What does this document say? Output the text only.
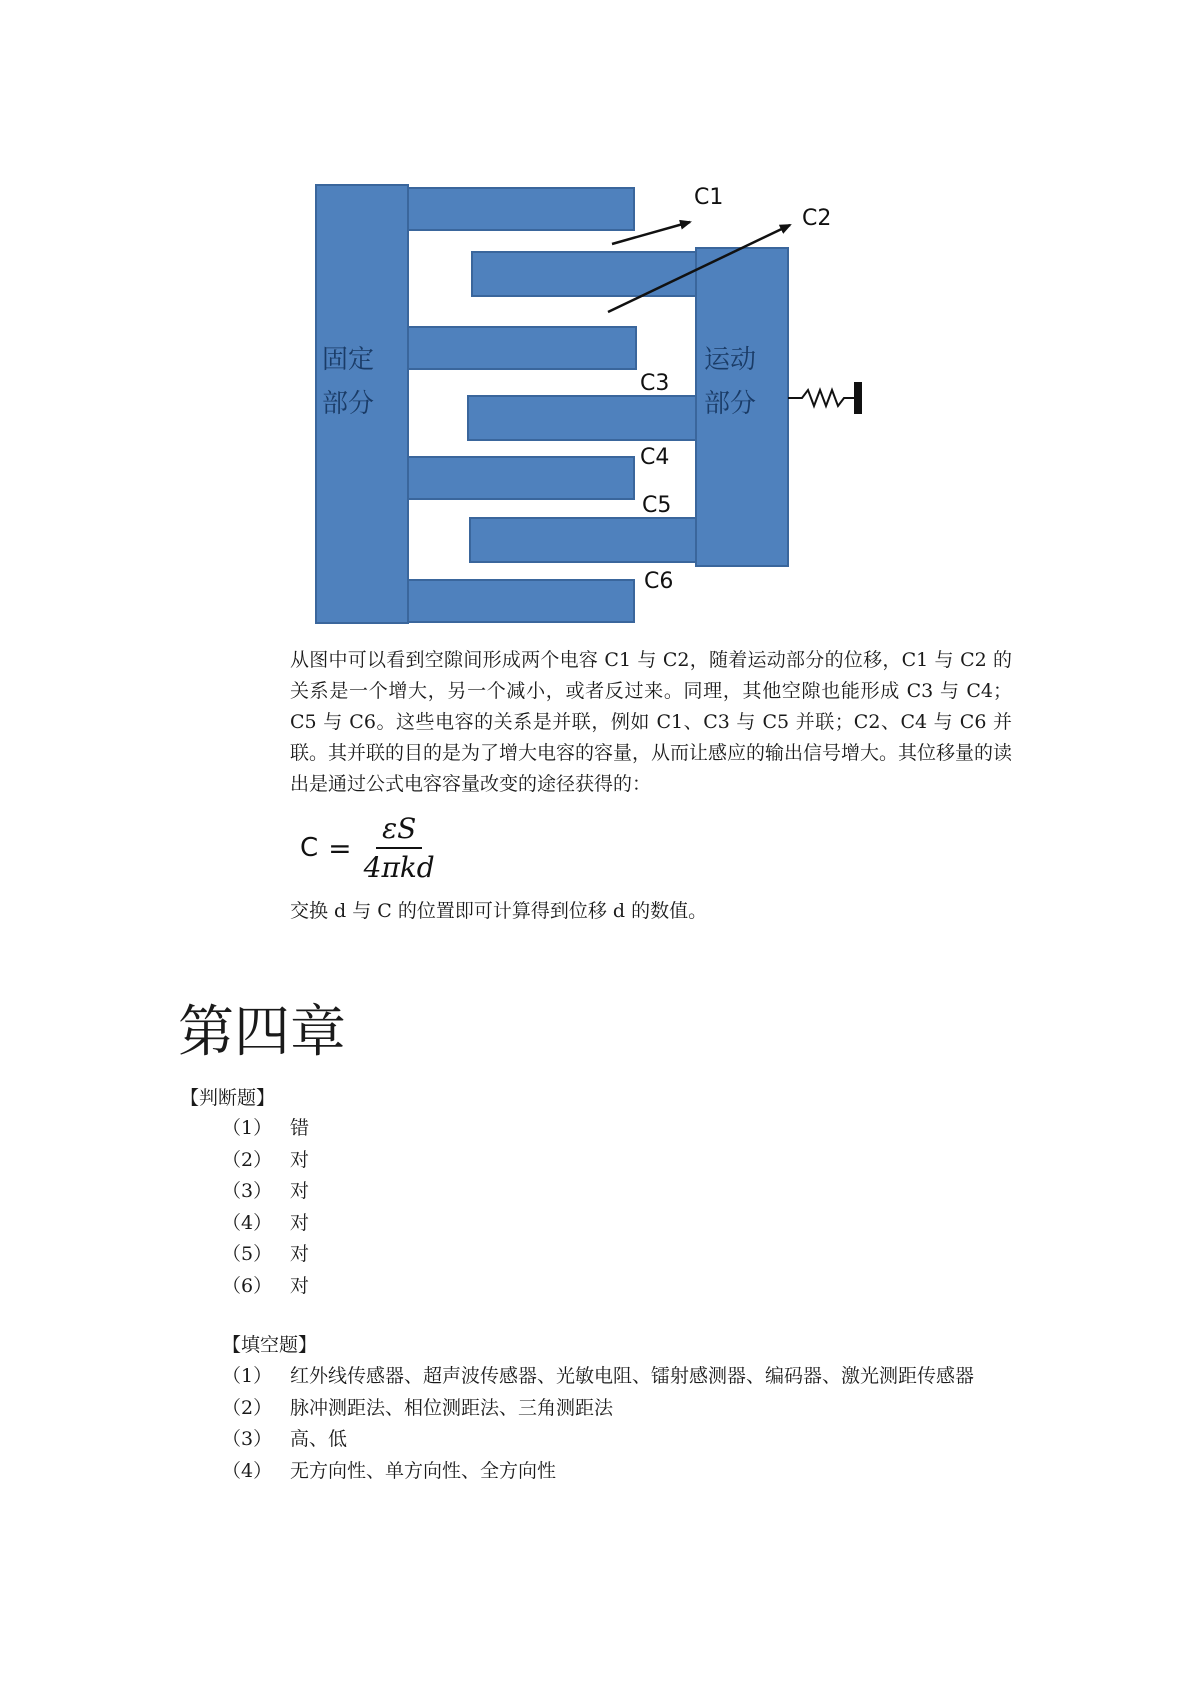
固定
部分
运动
部分
C1
C2
C3
C4
C5
C6

从图中可以看到空隙间形成两个电容 C1 与 C2，随着运动部分的位移，C1 与 C2 的关系是一个增大，另一个减小，或者反过来。同理，其他空隙也能形成 C3 与 C4；C5 与 C6。这些电容的关系是并联，例如 C1、C3 与 C5 并联；C2、C4 与 C6 并联。其并联的目的是为了增大电容的容量，从而让感应的输出信号增大。其位移量的读出是通过公式电容容量改变的途径获得的：

$C = \frac{\varepsilon S}{\text{4πkd}}$

交换 d 与 C 的位置即可计算得到位移 d 的数值。

第四章
【判断题】
（1） 错
（2） 对
（3） 对
（4） 对
（5） 对
（6） 对
【填空题】
（1） 红外线传感器、超声波传感器、光敏电阻、镭射感测器、编码器、激光测距传感器
（2） 脉冲测距法、相位测距法、三角测距法
（3） 高、低
（4） 无方向性、单方向性、全方向性
